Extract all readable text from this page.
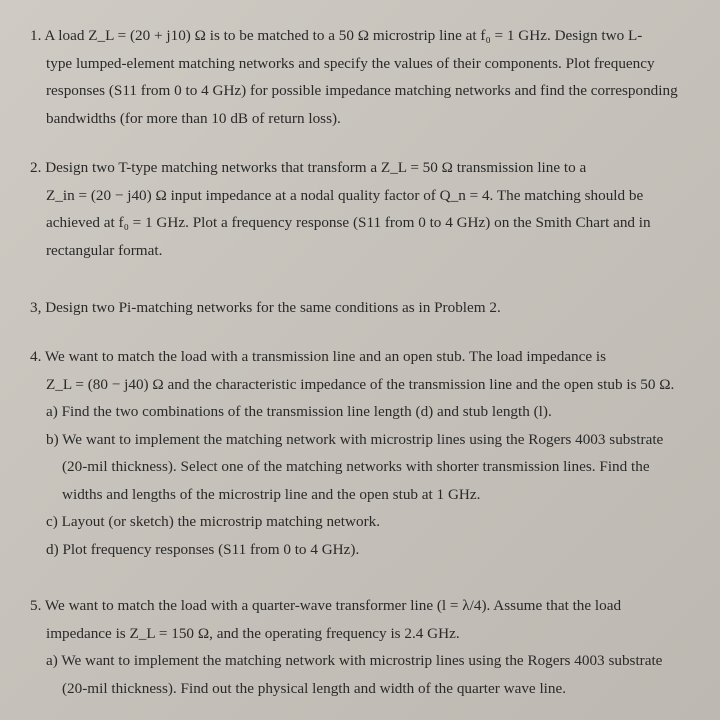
1. A load Z_L = (20 + j10) Ω is to be matched to a 50 Ω microstrip line at f₀ = 1 GHz. Design two L-
type lumped-element matching networks and specify the values of their components. Plot frequency
responses (S11 from 0 to 4 GHz) for possible impedance matching networks and find the corresponding
bandwidths (for more than 10 dB of return loss).
2. Design two T-type matching networks that transform a Z_L = 50 Ω transmission line to a
Z_in = (20 − j40) Ω input impedance at a nodal quality factor of Q_n = 4. The matching should be
achieved at f₀ = 1 GHz. Plot a frequency response (S11 from 0 to 4 GHz) on the Smith Chart and in
rectangular format.
3, Design two Pi-matching networks for the same conditions as in Problem 2.
4. We want to match the load with a transmission line and an open stub. The load impedance is
Z_L = (80 − j40) Ω and the characteristic impedance of the transmission line and the open stub is 50 Ω.
a) Find the two combinations of the transmission line length (d) and stub length (l).
b) We want to implement the matching network with microstrip lines using the Rogers 4003 substrate
(20-mil thickness). Select one of the matching networks with shorter transmission lines. Find the
widths and lengths of the microstrip line and the open stub at 1 GHz.
c) Layout (or sketch) the microstrip matching network.
d) Plot frequency responses (S11 from 0 to 4 GHz).
5. We want to match the load with a quarter-wave transformer line (l = λ/4). Assume that the load
impedance is Z_L = 150 Ω, and the operating frequency is 2.4 GHz.
a) We want to implement the matching network with microstrip lines using the Rogers 4003 substrate
(20-mil thickness). Find out the physical length and width of the quarter wave line.
